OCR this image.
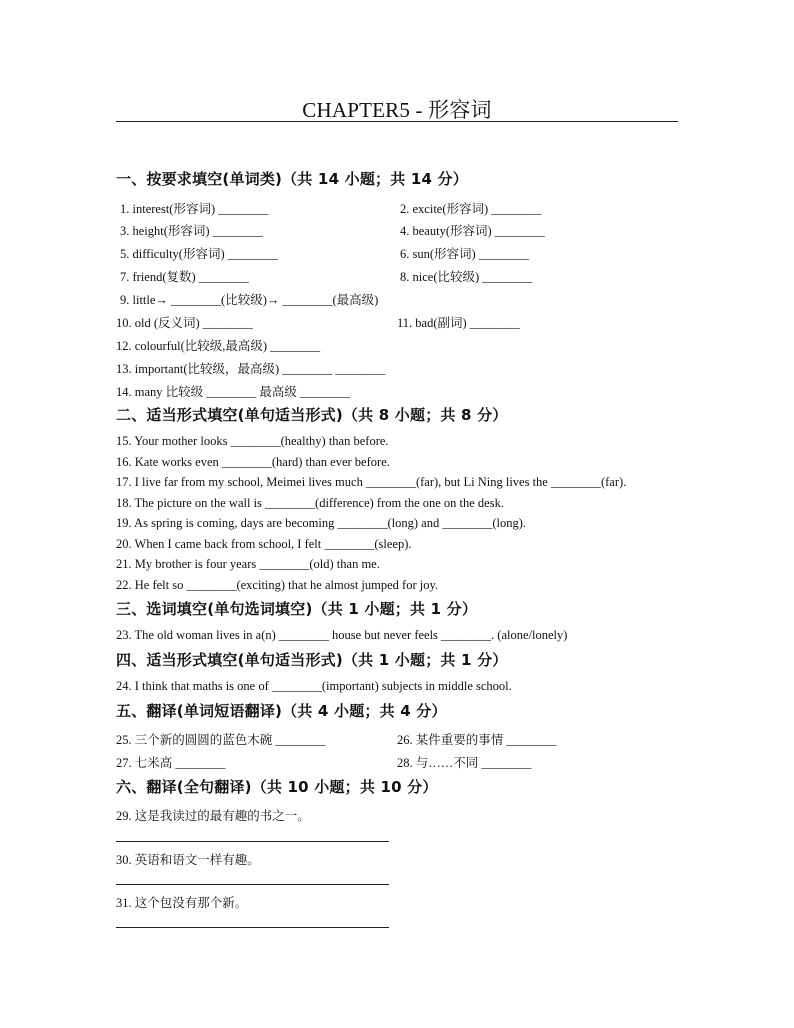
CHAPTER5 - 形容词
一、按要求填空(单词类)（共 14 小题；共 14 分）
1. interest(形容词) ________	2. excite(形容词) ________
3. height(形容词) ________	4. beauty(形容词) ________
5. difficulty(形容词) ________	6. sun(形容词) ________
7. friend(复数) ________	8. nice(比较级) ________
9. little→ ________(比较级)→ ________(最高级)
10. old (反义词) ________	11. bad(副词) ________
12. colourful(比较级,最高级) ________
13. important(比较级，最高级) ________ ________
14. many 比较级 ________ 最高级 ________
二、适当形式填空(单句适当形式)（共 8 小题；共 8 分）
15. Your mother looks ________(healthy) than before.
16. Kate works even ________(hard) than ever before.
17. I live far from my school, Meimei lives much ________(far), but Li Ning lives the ________(far).
18. The picture on the wall is ________(difference) from the one on the desk.
19. As spring is coming, days are becoming ________(long) and ________(long).
20. When I came back from school, I felt ________(sleep).
21. My brother is four years ________(old) than me.
22. He felt so ________(exciting) that he almost jumped for joy.
三、选词填空(单句选词填空)（共 1 小题；共 1 分）
23. The old woman lives in a(n) ________ house but never feels ________. (alone/lonely)
四、适当形式填空(单句适当形式)（共 1 小题；共 1 分）
24. I think that maths is one of ________(important) subjects in middle school.
五、翻译(单词短语翻译)（共 4 小题；共 4 分）
25. 三个新的圆圆的蓝色木碗 ________	26. 某件重要的事情 ________
27. 七米高 ________	28. 与……不同 ________
六、翻译(全句翻译)（共 10 小题；共 10 分）
29. 这是我读过的最有趣的书之一。
30. 英语和语文一样有趣。
31. 这个包没有那个新。
